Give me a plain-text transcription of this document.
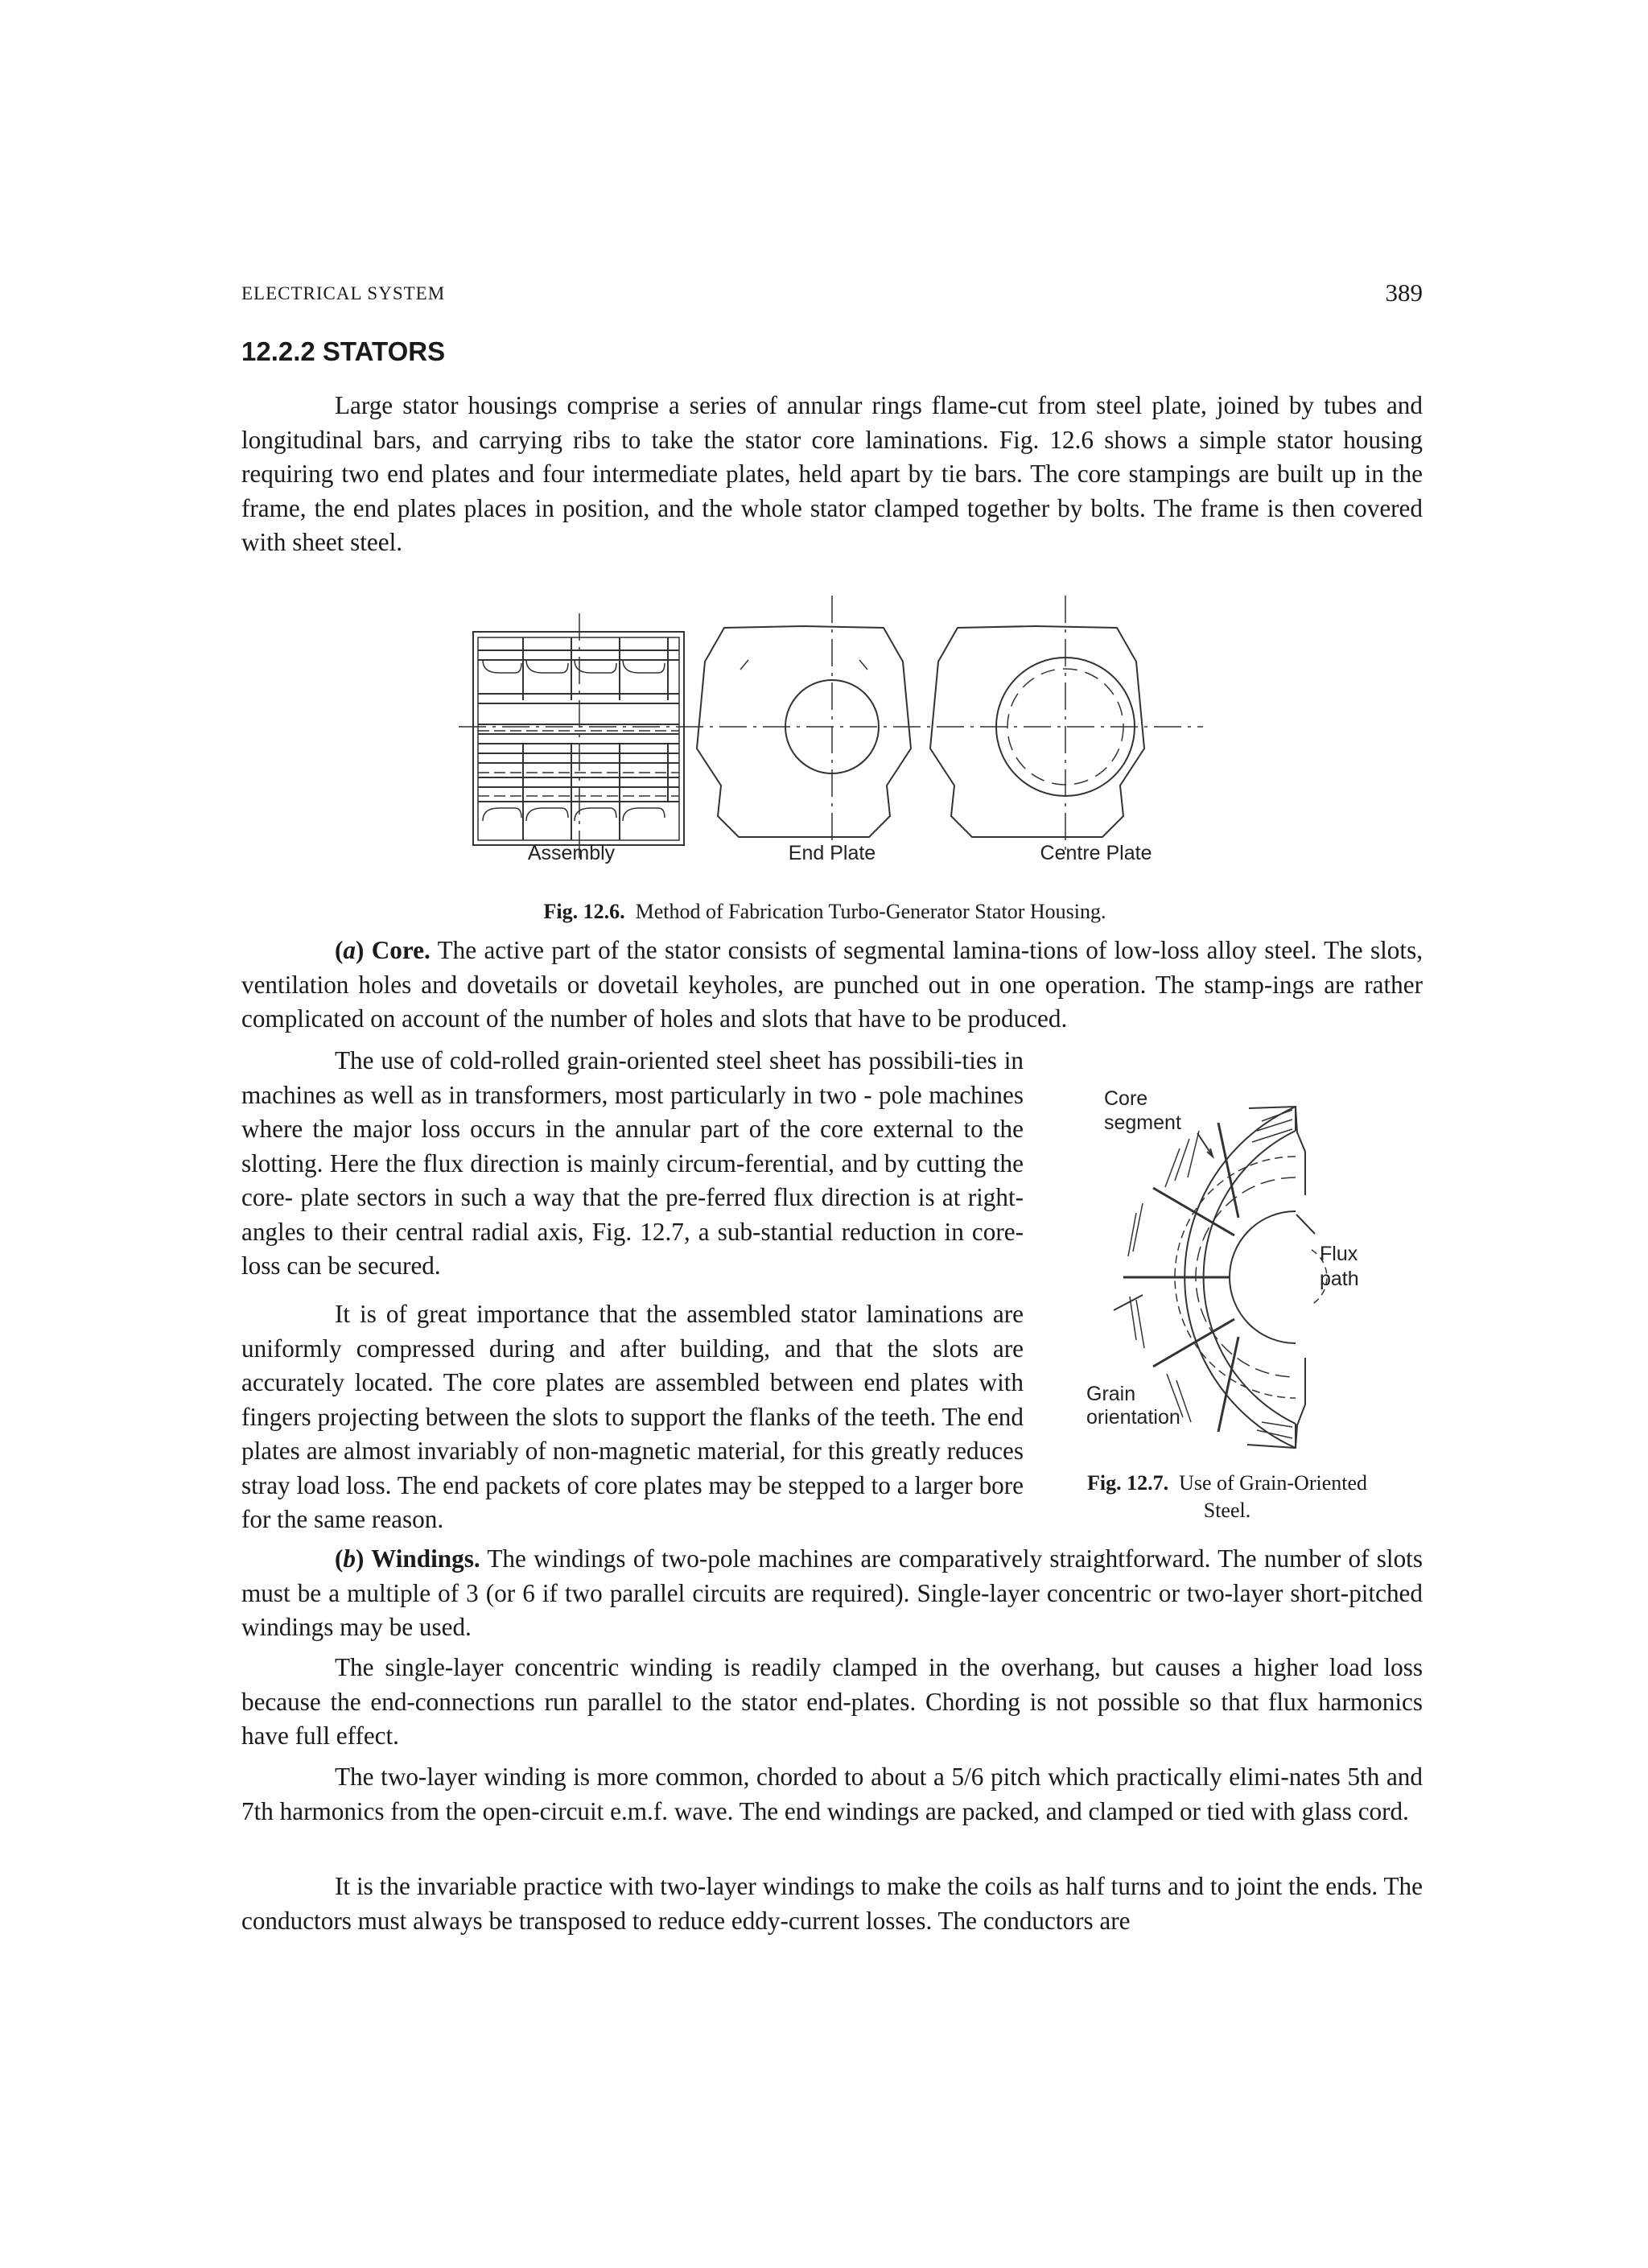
ELECTRICAL SYSTEM	389
12.2.2 STATORS

Large stator housings comprise a series of annular rings flame-cut from steel plate, joined by tubes and longitudinal bars, and carrying ribs to take the stator core laminations. Fig. 12.6 shows a simple stator housing requiring two end plates and four intermediate plates, held apart by tie bars. The core stampings are built up in the frame, the end plates places in position, and the whole stator clamped together by bolts. The frame is then covered with sheet steel.

Assembly	End Plate	Centre Plate
Fig. 12.6. Method of Fabrication Turbo-Generator Stator Housing.

(a) Core. The active part of the stator consists of segmental lamina-tions of low-loss alloy steel. The slots, ventilation holes and dovetails or dovetail keyholes, are punched out in one operation. The stamp-ings are rather complicated on account of the number of holes and slots that have to be produced.

The use of cold-rolled grain-oriented steel sheet has possibili-ties in machines as well as in transformers, most particularly in two - pole machines where the major loss occurs in the annular part of the core external to the slotting. Here the flux direction is mainly circum-ferential, and by cutting the core- plate sectors in such a way that the pre-ferred flux direction is at right-angles to their central radial axis, Fig. 12.7, a sub-stantial reduction in core-loss can be secured.

It is of great importance that the assembled stator laminations are uniformly compressed during and after building, and that the slots are accurately located. The core plates are assembled between end plates with fingers projecting between the slots to support the flanks of the teeth. The end plates are almost invariably of non-magnetic material, for this greatly reduces stray load loss. The end packets of core plates may be stepped to a larger bore for the same reason.

Core
segment
Flux
path
Grain
orientation
Fig. 12.7. Use of Grain-Oriented
Steel.

(b) Windings. The windings of two-pole machines are comparatively straightforward. The number of slots must be a multiple of 3 (or 6 if two parallel circuits are required). Single-layer concentric or two-layer short-pitched windings may be used.

The single-layer concentric winding is readily clamped in the overhang, but causes a higher load loss because the end-connections run parallel to the stator end-plates. Chording is not possible so that flux harmonics have full effect.

The two-layer winding is more common, chorded to about a 5/6 pitch which practically elimi-nates 5th and 7th harmonics from the open-circuit e.m.f. wave. The end windings are packed, and clamped or tied with glass cord.

It is the invariable practice with two-layer windings to make the coils as half turns and to joint the ends. The conductors must always be transposed to reduce eddy-current losses. The conductors are
